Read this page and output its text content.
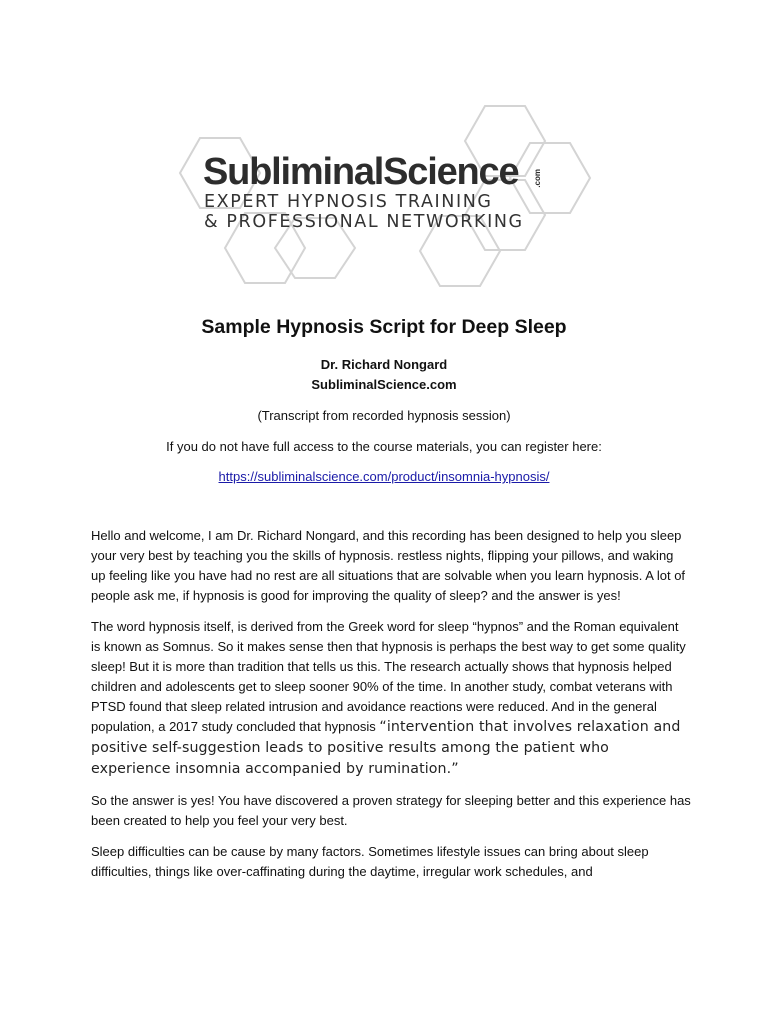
SubliminalScience .com
EXPERT HYPNOSIS TRAINING
& PROFESSIONAL NETWORKING
Sample Hypnosis Script for Deep Sleep
Dr. Richard Nongard
SubliminalScience.com
(Transcript from recorded hypnosis session)
If you do not have full access to the course materials, you can register here:
https://subliminalscience.com/product/insomnia-hypnosis/

Hello and welcome, I am Dr. Richard Nongard, and this recording has been designed to help you sleep your very best by teaching you the skills of hypnosis. restless nights, flipping your pillows, and waking up feeling like you have had no rest are all situations that are solvable when you learn hypnosis. A lot of people ask me, if hypnosis is good for improving the quality of sleep? and the answer is yes!

The word hypnosis itself, is derived from the Greek word for sleep “hypnos” and the Roman equivalent is known as Somnus. So it makes sense then that hypnosis is perhaps the best way to get some quality sleep! But it is more than tradition that tells us this. The research actually shows that hypnosis helped children and adolescents get to sleep sooner 90% of the time. In another study, combat veterans with PTSD found that sleep related intrusion and avoidance reactions were reduced. And in the general population, a 2017 study concluded that hypnosis “intervention that involves relaxation and positive self-suggestion leads to positive results among the patient who experience insomnia accompanied by rumination.”

So the answer is yes! You have discovered a proven strategy for sleeping better and this experience has been created to help you feel your very best.

Sleep difficulties can be cause by many factors. Sometimes lifestyle issues can bring about sleep difficulties, things like over-caffinating during the daytime, irregular work schedules, and
